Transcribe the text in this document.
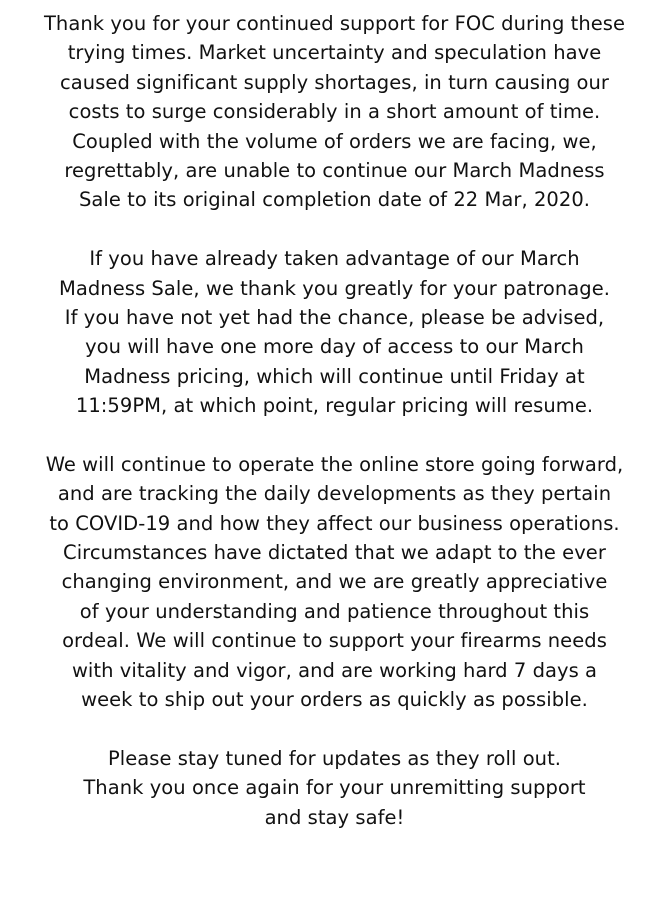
Thank you for your continued support for FOC during these
trying times. Market uncertainty and speculation have
caused significant supply shortages, in turn causing our
costs to surge considerably in a short amount of time.
Coupled with the volume of orders we are facing, we,
regrettably, are unable to continue our March Madness
Sale to its original completion date of 22 Mar, 2020.
If you have already taken advantage of our March
Madness Sale, we thank you greatly for your patronage.
If you have not yet had the chance, please be advised,
you will have one more day of access to our March
Madness pricing, which will continue until Friday at
11:59PM, at which point, regular pricing will resume.
We will continue to operate the online store going forward,
and are tracking the daily developments as they pertain
to COVID-19 and how they affect our business operations.
Circumstances have dictated that we adapt to the ever
changing environment, and we are greatly appreciative
of your understanding and patience throughout this
ordeal. We will continue to support your firearms needs
with vitality and vigor, and are working hard 7 days a
week to ship out your orders as quickly as possible.
Please stay tuned for updates as they roll out.
Thank you once again for your unremitting support
and stay safe!
